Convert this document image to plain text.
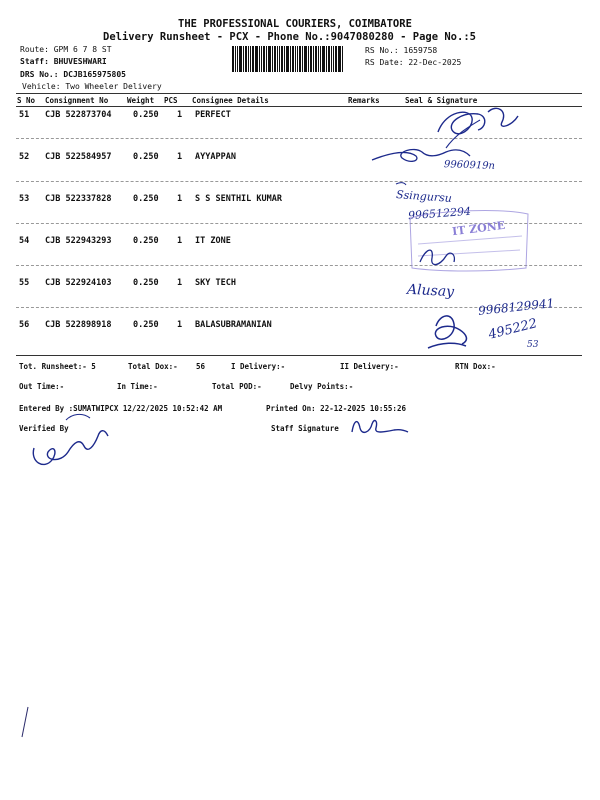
THE PROFESSIONAL COURIERS, COIMBATORE
Delivery Runsheet - PCX - Phone No.:9047080280 - Page No.:5
Route: GPM 6 7 8 ST
Staff: BHUVESHWARI
DRS No.: DCJB165975805
Vehicle: Two Wheeler Delivery
RS No.: 1659758
RS Date: 22-Dec-2025
S No Consignment No	Weight PCS Consignee Details	Remarks	Seal & Signature
51 CJB 522873704	0.250 1 PERFECT
52 CJB 522584957	0.250 1 AYYAPPAN
53 CJB 522337828	0.250 1 S S SENTHIL KUMAR
54 CJB 522943293	0.250 1 IT ZONE
55 CJB 522924103	0.250 1 SKY TECH
56 CJB 522898918	0.250 1 BALASUBRAMANIAN
Tot. Runsheet:- 5	Total Dox:- 56	I Delivery:-	II Delivery:-	RTN Dox:-
Out Time:-	In Time:-	Total POD:-	Delvy Points:-
Entered By :SUMATWIPCX 12/22/2025 10:52:42 AM	Printed On: 22-12-2025 10:55:26
Verified By	Staff Signature
9960919n
Ssingursu
996512294
IT ZONE
Alusay
9968129941
495222
53
